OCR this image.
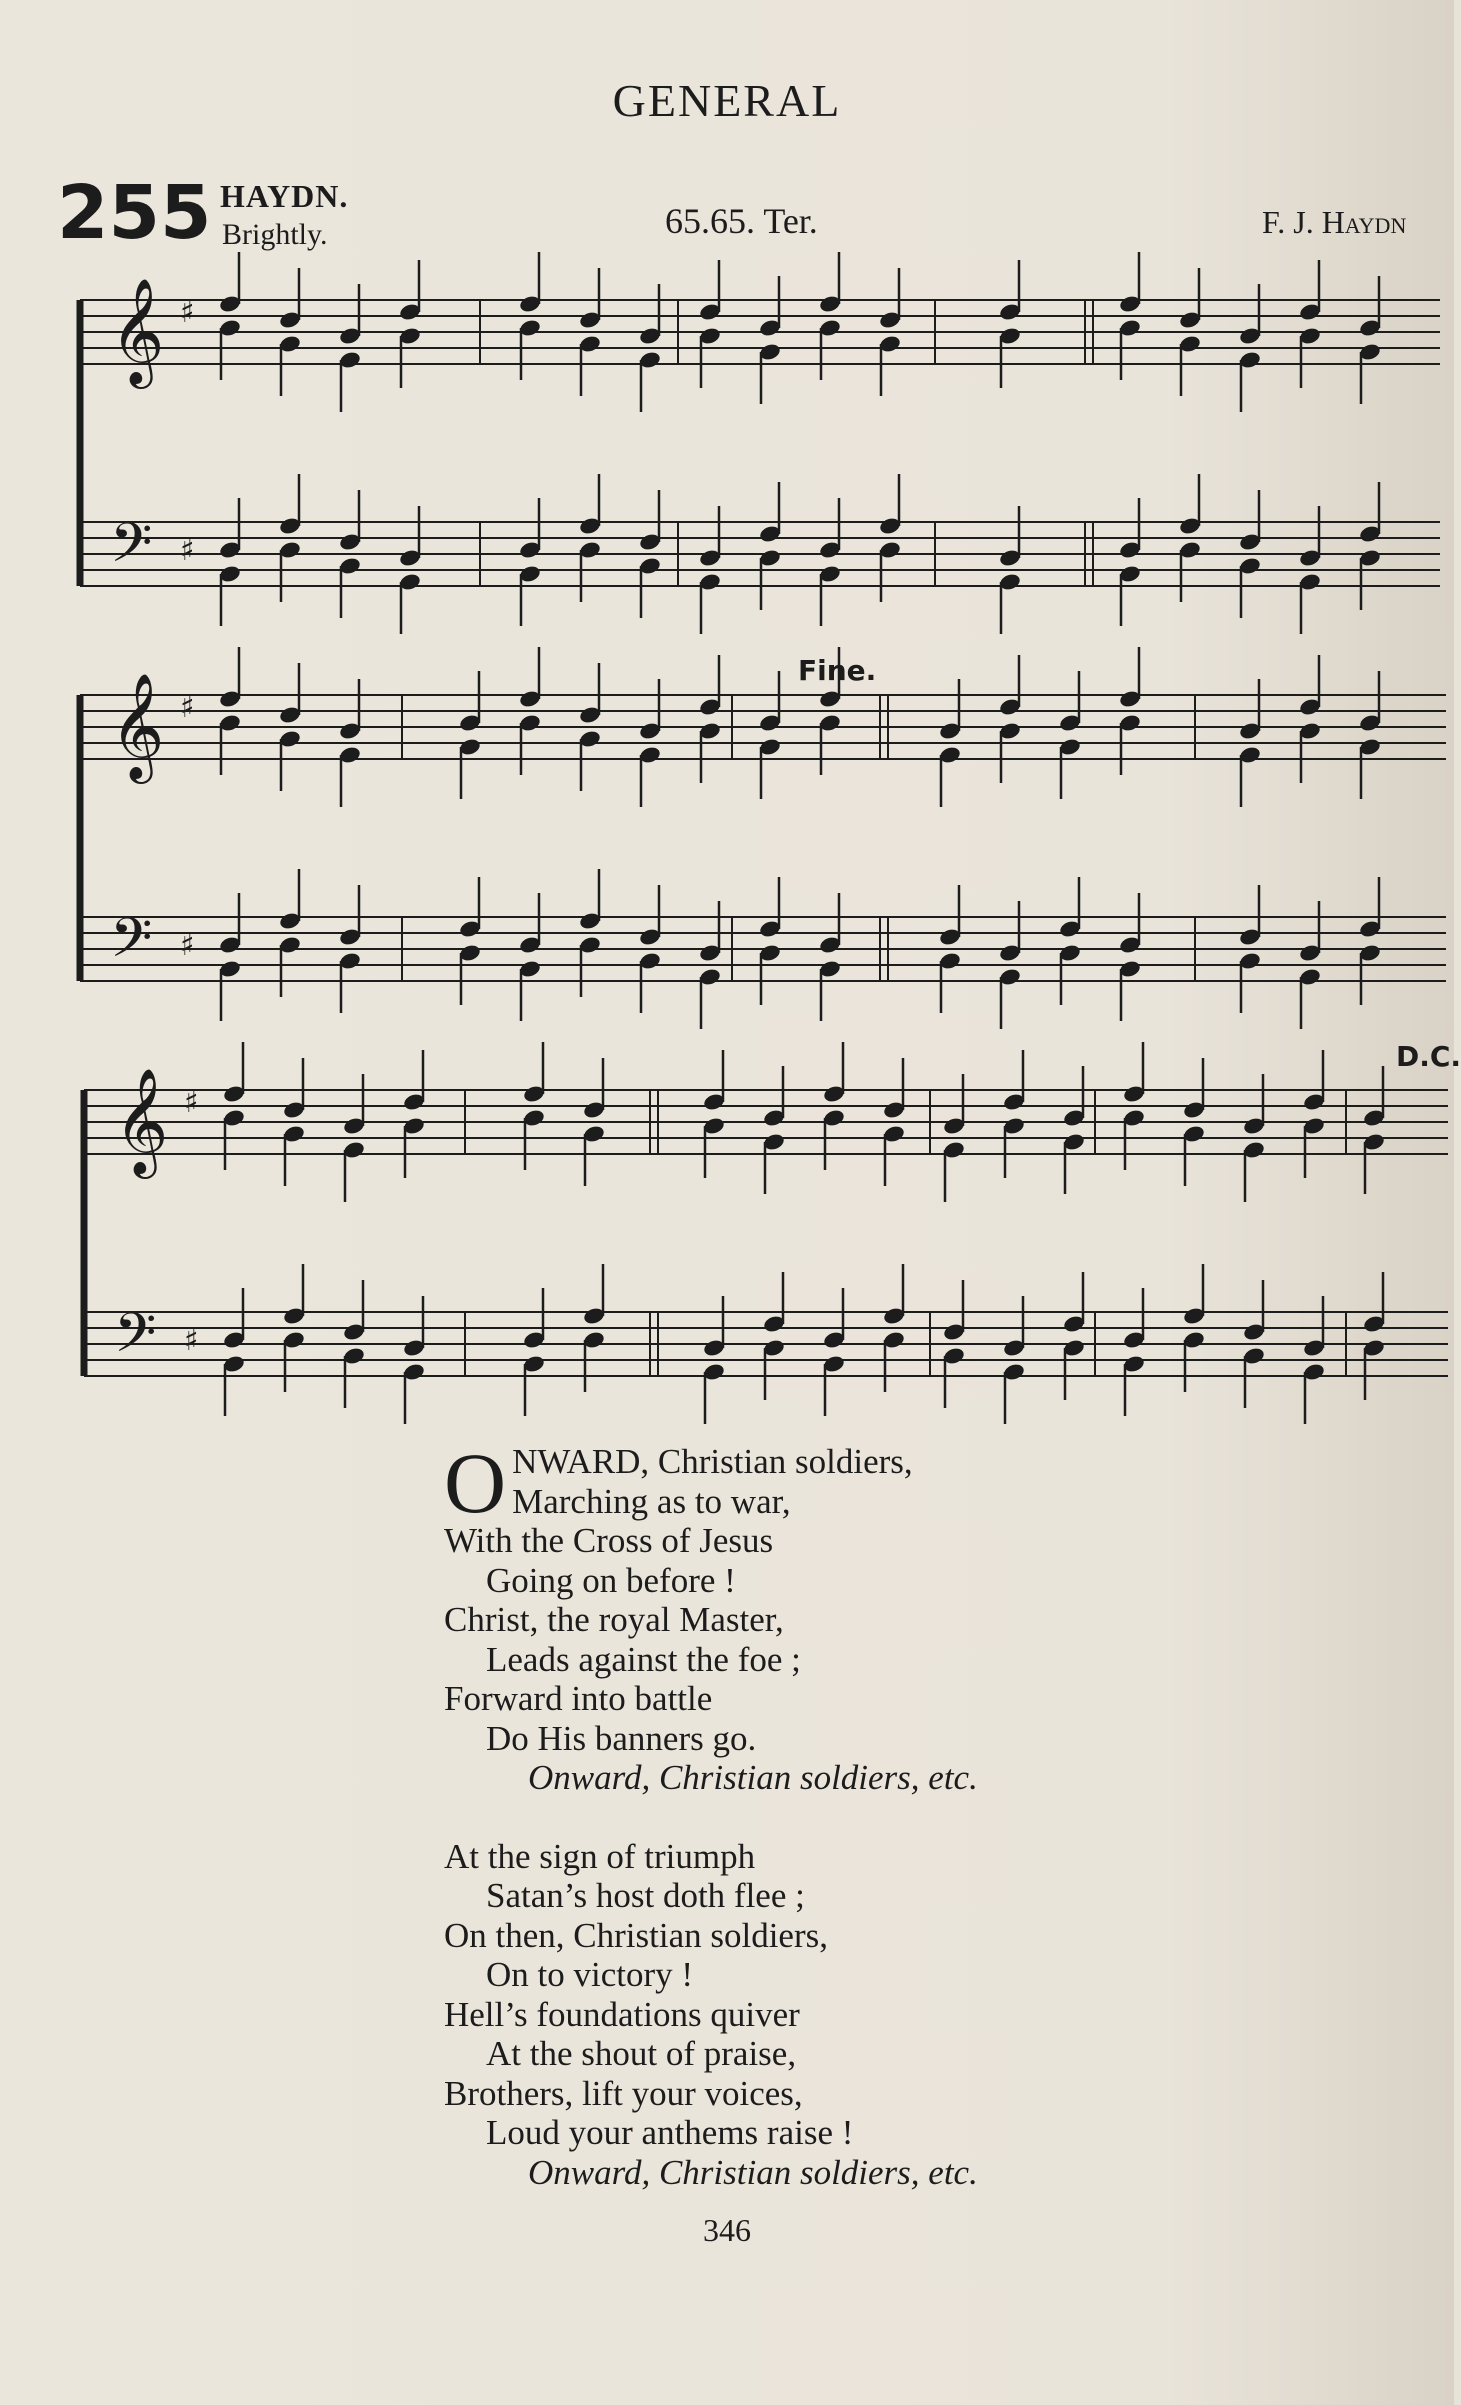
GENERAL
255 HAYDN.
Brightly.	65.65. Ter.	F. J. Haydn
𝄞 ♯
𝄢 ♯
𝄞 ♯
𝄢 ♯
𝄞 ♯
𝄢 ♯
Fine.
D.C.
O NWARD, Christian soldiers,
Marching as to war,
With the Cross of Jesus
Going on before !
Christ, the royal Master,
Leads against the foe ;
Forward into battle
Do His banners go.
Onward, Christian soldiers, etc.
At the sign of triumph
Satan’s host doth flee ;
On then, Christian soldiers,
On to victory !
Hell’s foundations quiver
At the shout of praise,
Brothers, lift your voices,
Loud your anthems raise !
Onward, Christian soldiers, etc.
346
